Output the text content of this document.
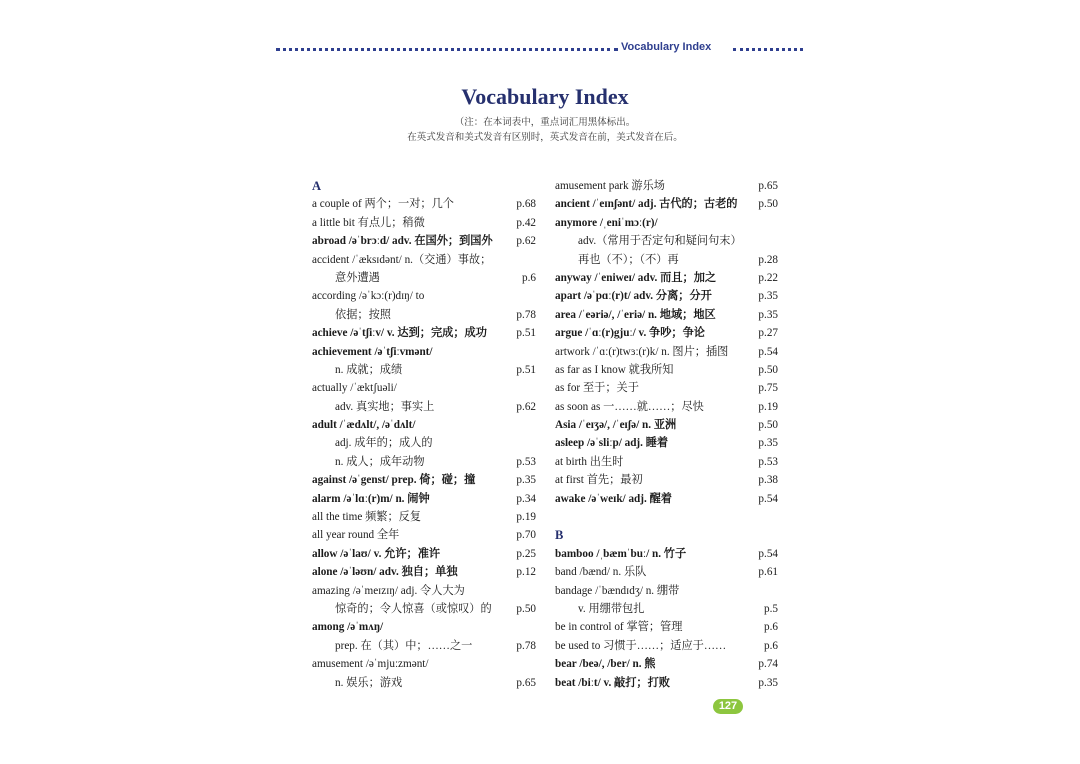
Vocabulary Index
Vocabulary Index
（注：在本词表中，重点词汇用黑体标出。
在英式发音和美式发音有区别时，英式发音在前，美式发音在后。
A
a couple of 两个；一对；几个	p.68
a little bit 有点儿；稍微	p.42
abroad /əˈbrɔːd/ adv. 在国外；到国外 p.62
accident /ˈæksɪdənt/ n.（交通）事故；
意外遭遇	p.6
according /əˈkɔː(r)dɪŋ/ to
依据；按照	p.78
achieve /əˈtʃiːv/ v. 达到；完成；成功	p.51
achievement /əˈtʃiːvmənt/
n. 成就；成绩	p.51
actually /ˈæktʃuəli/
adv. 真实地；事实上	p.62
adult /ˈædʌlt/, /əˈdʌlt/
adj. 成年的；成人的
n. 成人；成年动物	p.53
against /əˈgenst/ prep. 倚；碰；撞	p.35
alarm /əˈlɑː(r)m/ n. 闹钟	p.34
all the time 频繁；反复	p.19
all year round 全年	p.70
allow /əˈlaʊ/ v. 允许；准许	p.25
alone /əˈləʊn/ adv. 独自；单独	p.12
amazing /əˈmeɪzɪŋ/ adj. 令人大为
惊奇的；令人惊喜（或惊叹）的 p.50
among /əˈmʌŋ/
prep. 在（其）中；……之一	p.78
amusement /əˈmjuːzmənt/
n. 娱乐；游戏	p.65
amusement park 游乐场	p.65
ancient /ˈeɪnʃənt/ adj. 古代的；古老的 p.50
anymore /ˌeniˈmɔː(r)/
adv.（常用于否定句和疑问句末）
再也（不）；（不）再	p.28
anyway /ˈeniweɪ/ adv. 而且；加之	p.22
apart /əˈpɑː(r)t/ adv. 分离；分开	p.35
area /ˈeəriə/, /ˈeriə/ n. 地域；地区	p.35
argue /ˈɑː(r)gjuː/ v. 争吵；争论	p.27
artwork /ˈɑː(r)twɜː(r)k/ n. 图片；插图	p.54
as far as I know 就我所知	p.50
as for 至于；关于	p.75
as soon as 一……就……；尽快	p.19
Asia /ˈeɪʒə/, /ˈeɪʃə/ n. 亚洲	p.50
asleep /əˈsliːp/ adj. 睡着	p.35
at birth 出生时	p.53
at first 首先；最初	p.38
awake /əˈweɪk/ adj. 醒着	p.54
B
bamboo /ˌbæmˈbuː/ n. 竹子	p.54
band /bænd/ n. 乐队	p.61
bandage /ˈbændɪdʒ/ n. 绷带
v. 用绷带包扎	p.5
be in control of 掌管；管理	p.6
be used to 习惯于……；适应于……	p.6
bear /beə/, /ber/ n. 熊	p.74
beat /biːt/ v. 敲打；打败	p.35
127
